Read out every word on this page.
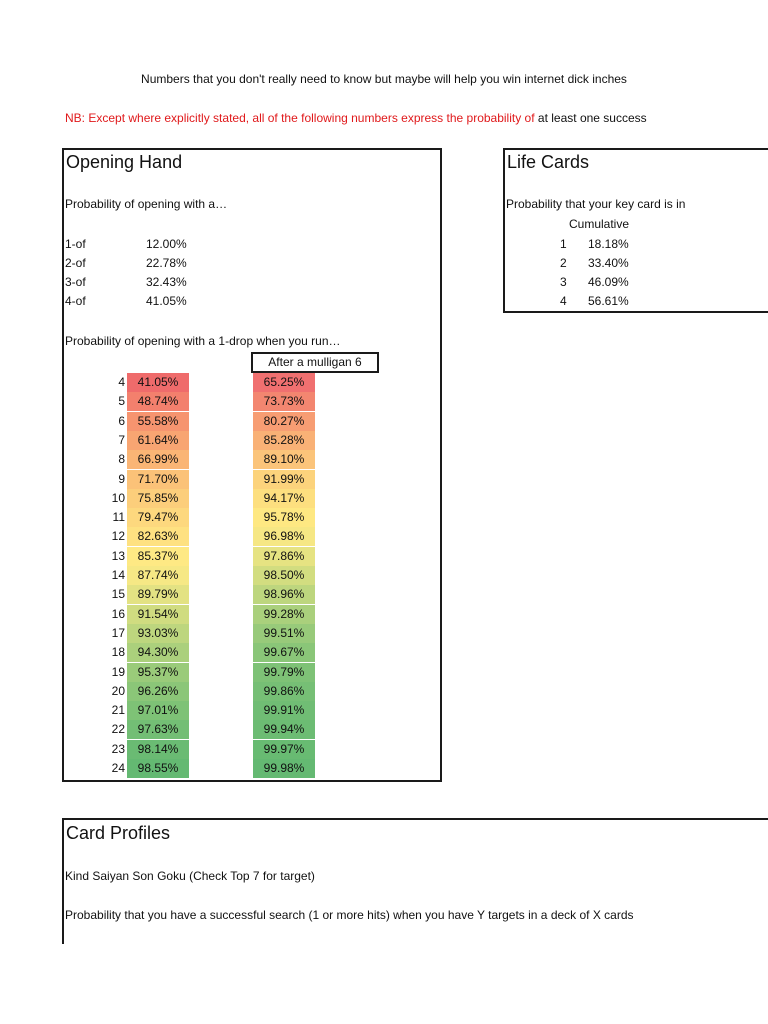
Numbers that you don't really need to know but maybe will help you win internet dick inches
NB: Except where explicitly stated, all of the following numbers express the probability of at least one success
Opening Hand
Probability of opening with a…
1-of	12.00%
2-of	22.78%
3-of	32.43%
4-of	41.05%
Probability of opening with a 1-drop when you run…
After a mulligan 6
4	41.05%	65.25%
5	48.74%	73.73%
6	55.58%	80.27%
7	61.64%	85.28%
8	66.99%	89.10%
9	71.70%	91.99%
10	75.85%	94.17%
11	79.47%	95.78%
12	82.63%	96.98%
13	85.37%	97.86%
14	87.74%	98.50%
15	89.79%	98.96%
16	91.54%	99.28%
17	93.03%	99.51%
18	94.30%	99.67%
19	95.37%	99.79%
20	96.26%	99.86%
21	97.01%	99.91%
22	97.63%	99.94%
23	98.14%	99.97%
24	98.55%	99.98%
Life Cards
Probability that your key card is in
Cumulative
1 18.18%
2 33.40%
3 46.09%
4 56.61%
Card Profiles
Kind Saiyan Son Goku (Check Top 7 for target)
Probability that you have a successful search (1 or more hits) when you have Y targets in a deck of X cards
